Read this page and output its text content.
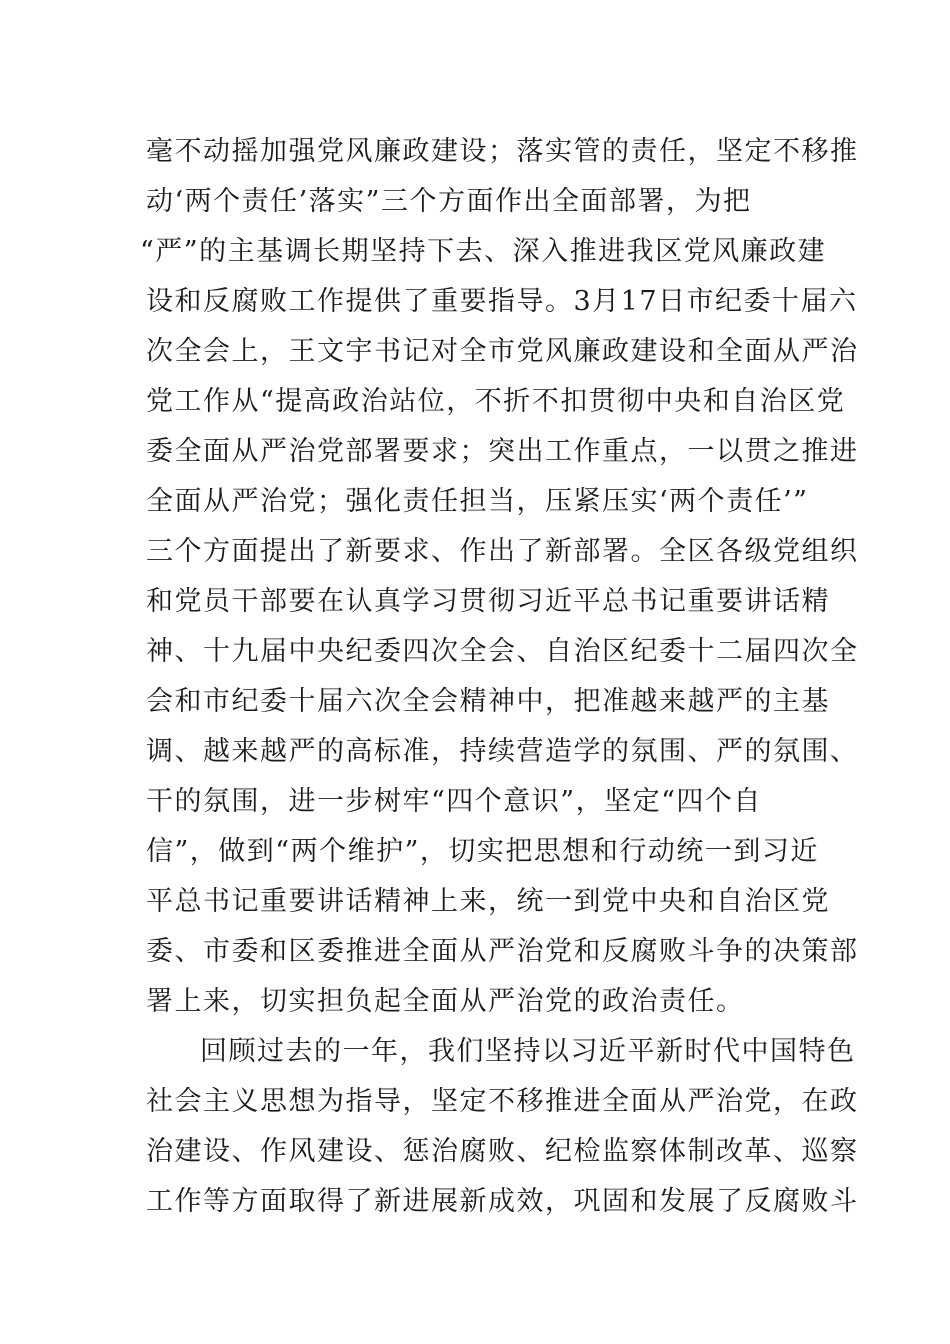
毫不动摇加强党风廉政建设；落实管的责任，坚定不移推
动‘两个责任’落实”三个方面作出全面部署，为把
“严”的主基调长期坚持下去、深入推进我区党风廉政建
设和反腐败工作提供了重要指导。3月17日市纪委十届六
次全会上，王文宇书记对全市党风廉政建设和全面从严治
党工作从“提高政治站位，不折不扣贯彻中央和自治区党
委全面从严治党部署要求；突出工作重点，一以贯之推进
全面从严治党；强化责任担当，压紧压实‘两个责任’”
三个方面提出了新要求、作出了新部署。全区各级党组织
和党员干部要在认真学习贯彻习近平总书记重要讲话精
神、十九届中央纪委四次全会、自治区纪委十二届四次全
会和市纪委十届六次全会精神中，把准越来越严的主基
调、越来越严的高标准，持续营造学的氛围、严的氛围、
干的氛围，进一步树牢“四个意识”，坚定“四个自
信”，做到“两个维护”，切实把思想和行动统一到习近
平总书记重要讲话精神上来，统一到党中央和自治区党
委、市委和区委推进全面从严治党和反腐败斗争的决策部
署上来，切实担负起全面从严治党的政治责任。
回顾过去的一年，我们坚持以习近平新时代中国特色
社会主义思想为指导，坚定不移推进全面从严治党，在政
治建设、作风建设、惩治腐败、纪检监察体制改革、巡察
工作等方面取得了新进展新成效，巩固和发展了反腐败斗
